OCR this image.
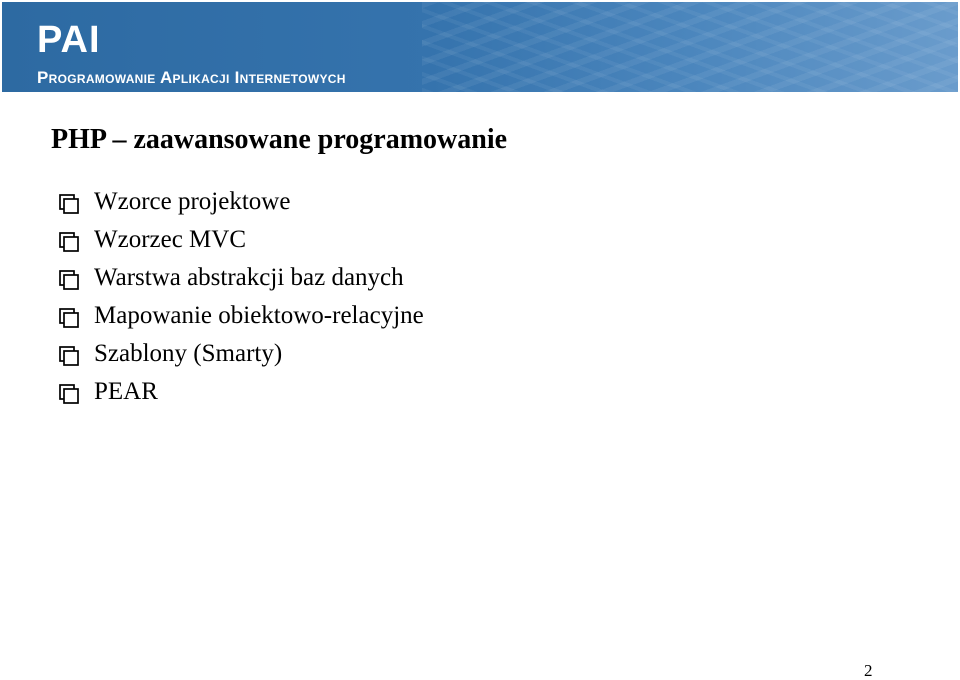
PAI
Programowanie Aplikacji Internetowych
PHP – zaawansowane programowanie
Wzorce projektowe
Wzorzec MVC
Warstwa abstrakcji baz danych
Mapowanie obiektowo-relacyjne
Szablony (Smarty)
PEAR
2
